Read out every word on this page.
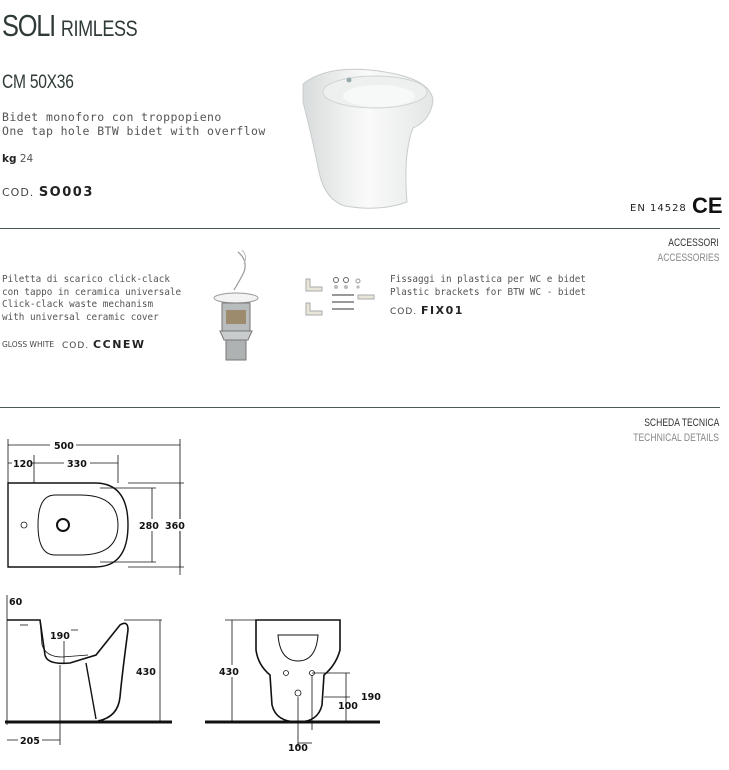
SOLI RIMLESS
CM 50X36
Bidet monoforo con troppopieno
One tap hole BTW bidet with overflow
kg 24
COD. SO003
EN 14528 CE
ACCESSORI
ACCESSORIES
Piletta di scarico click-clack
con tappo in ceramica universale
Click-clack waste mechanism
with universal ceramic cover
GLOSS WHITE COD. CCNEW
Fissaggi in plastica per WC e bidet
Plastic brackets for BTW WC - bidet
COD. FIX01
SCHEDA TECNICA
TECHNICAL DETAILS
500
120	330
280 360
60
190
430
205
430
190
100
100
